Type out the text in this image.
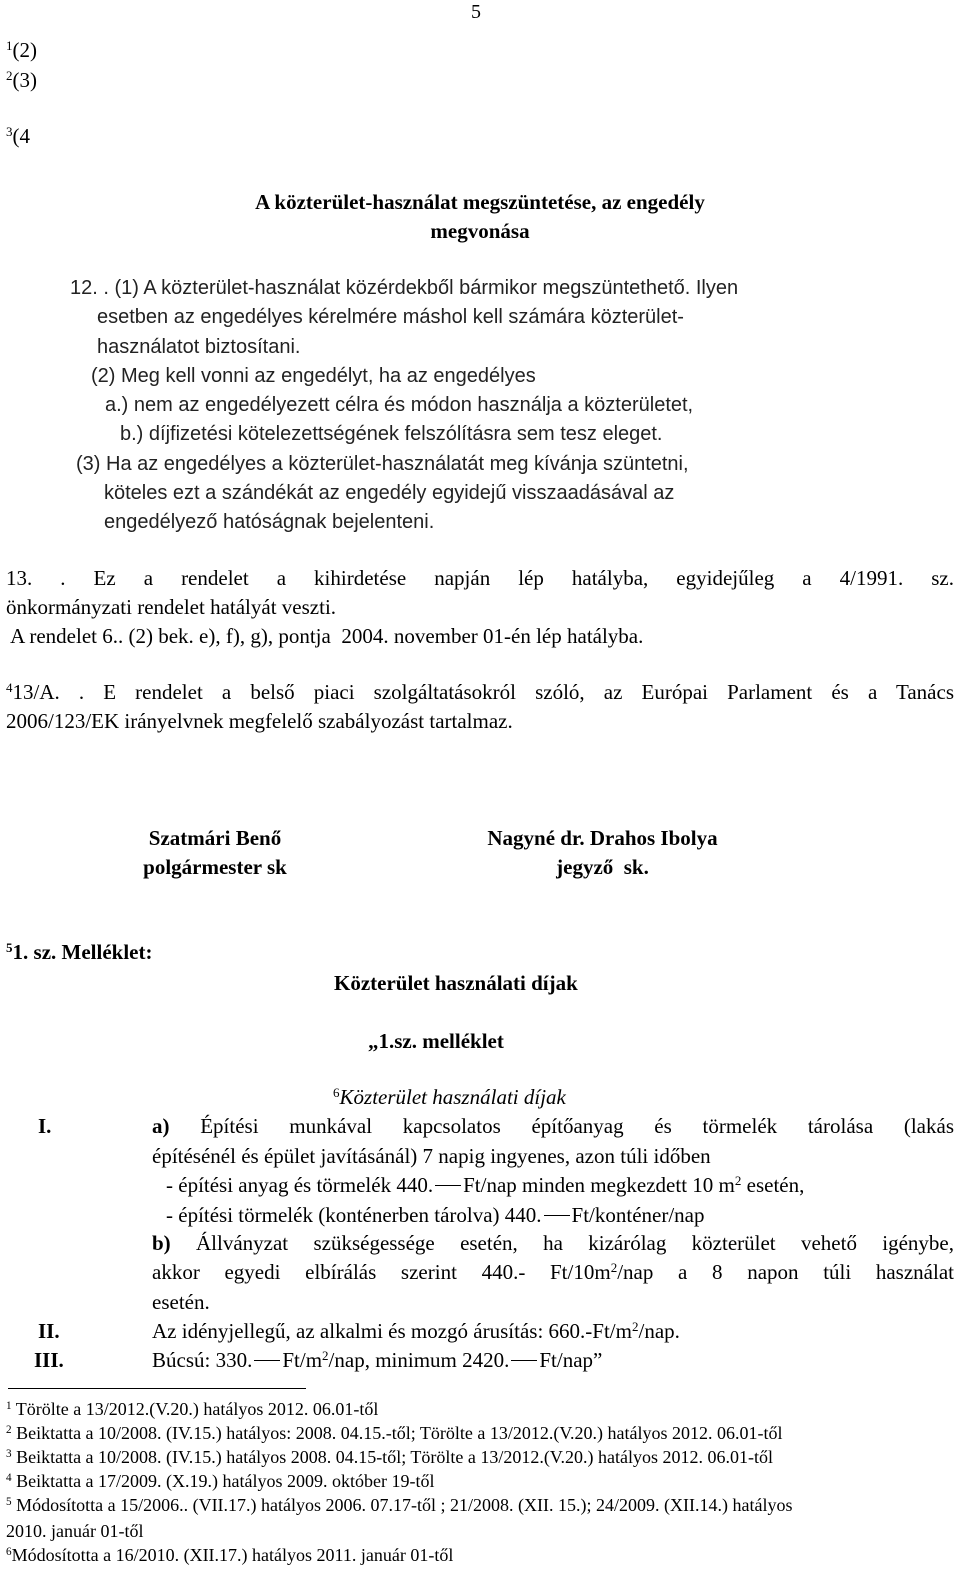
5
$^1$(2)
$^2$(3)
$^3$(4
A közterület-használat megszüntetése, az engedély
megvonása
12. . (1) A közterület-használat közérdekből bármikor megszüntethető. Ilyen
esetben az engedélyes kérelmére máshol kell számára közterület-
használatot biztosítani.
(2) Meg kell vonni az engedélyt, ha az engedélyes
a.) nem az engedélyezett célra és módon használja a közterületet,
b.) díjfizetési kötelezettségének felszólításra sem tesz eleget.
(3) Ha az engedélyes a közterület-használatát meg kívánja szüntetni,
köteles ezt a szándékát az engedély egyidejű visszaadásával az
engedélyező hatóságnak bejelenteni.
13. . Ez a rendelet a kihirdetése napján lép hatályba, egyidejűleg a 4/1991. sz.
önkormányzati rendelet hatályát veszti.
A rendelet 6.. (2) bek. e), f), g), pontja  2004. november 01-én lép hatályba.
$^4$13/A. . E rendelet a belső piaci szolgáltatásokról szóló, az Európai Parlament és a Tanács
2006/123/EK irányelvnek megfelelő szabályozást tartalmaz.
Szatmári Benő
polgármester sk
Nagyné dr. Drahos Ibolya
jegyző  sk.
$^5$1. sz. Melléklet:
Közterület használati díjak
„1.sz. melléklet
$^6$Közterület használati díjak
I.	a) Építési munkával kapcsolatos építőanyag és törmelék tárolása (lakás
építésénél és épület javításánál) 7 napig ingyenes, azon túli időben
- építési anyag és törmelék 440. Ft/nap minden megkezdett 10 $m^2$ esetén,
- építési törmelék (konténerben tárolva) 440. Ft/konténer/nap
b) Állványzat szükségessége esetén, ha kizárólag közterület vehető igénybe,
akkor egyedi elbírálás szerint 440.- $Ft/10m^2$/nap a 8 napon túli használat
esetén.
II.	Az idényjellegű, az alkalmi és mozgó árusítás: $660.-Ft/m^2$/nap.
III.	Búcsú: 330. $Ft/m^2$/nap, minimum 2420. Ft/nap”
$^1$ Törölte a 13/2012.(V.20.) hatályos 2012. 06.01-től
$^2$ Beiktatta a 10/2008. (IV.15.) hatályos: 2008. 04.15.-től; Törölte a 13/2012.(V.20.) hatályos 2012. 06.01-től
$^3$ Beiktatta a 10/2008. (IV.15.) hatályos 2008. 04.15-től; Törölte a 13/2012.(V.20.) hatályos 2012. 06.01-től
$^4$ Beiktatta a 17/2009. (X.19.) hatályos 2009. október 19-től
$^5$ Módosította a 15/2006.. (VII.17.) hatályos 2006. 07.17-től ; 21/2008. (XII. 15.); 24/2009. (XII.14.) hatályos
2010. január 01-től
$^6$Módosította a 16/2010. (XII.17.) hatályos 2011. január 01-től
